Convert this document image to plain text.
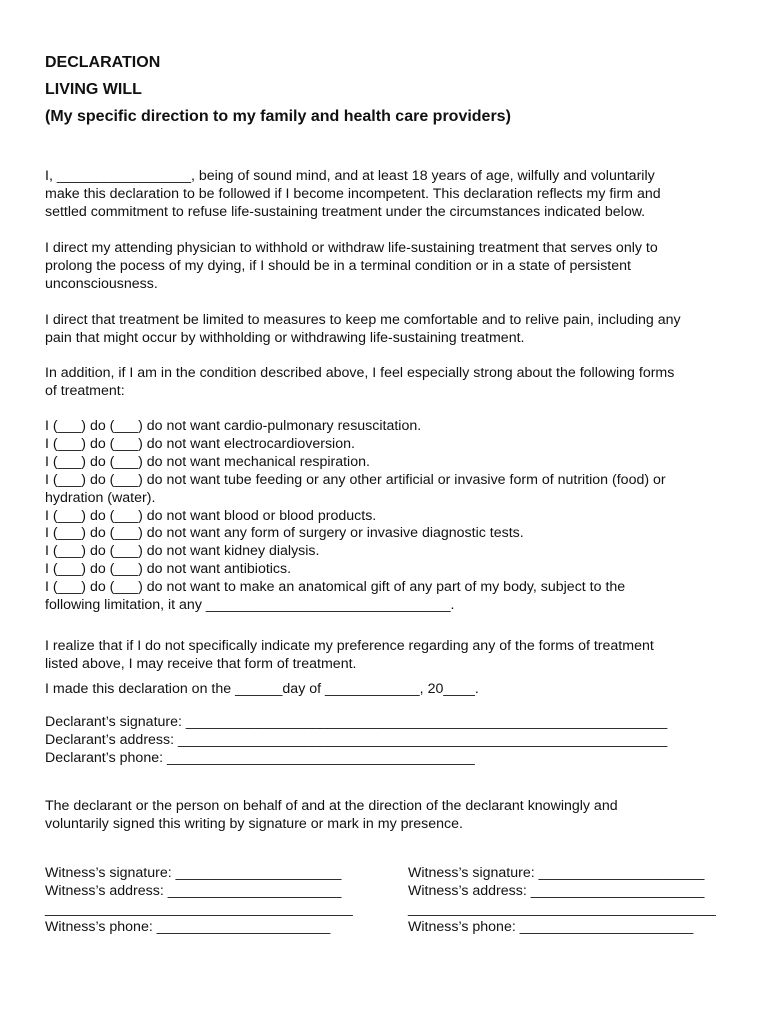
DECLARATION
LIVING WILL
(My specific direction to my family and health care providers)

I, _________________, being of sound mind, and at least 18 years of age, wilfully and voluntarily

make this declaration to be followed if I become incompetent. This declaration reflects my firm and

settled commitment to refuse life-sustaining treatment under the circumstances indicated below.

I direct my attending physician to withhold or withdraw life-sustaining treatment that serves only to

prolong the pocess of my dying, if I should be in a terminal condition or in a state of persistent

unconsciousness.

I direct that treatment be limited to measures to keep me comfortable and to relive pain, including any

pain that might occur by withholding or withdrawing life-sustaining treatment.

In addition, if I am in the condition described above, I feel especially strong about the following forms

of treatment:

I (___) do (___) do not want cardio-pulmonary resuscitation.

I (___) do (___) do not want electrocardioversion.

I (___) do (___) do not want mechanical respiration.

I (___) do (___) do not want tube feeding or any other artificial or invasive form of nutrition (food) or

hydration (water).

I (___) do (___) do not want blood or blood products.

I (___) do (___) do not want any form of surgery or invasive diagnostic tests.

I (___) do (___) do not want kidney dialysis.

I (___) do (___) do not want antibiotics.

I (___) do (___) do not want to make an anatomical gift of any part of my body, subject to the

following limitation, it any _______________________________.

I realize that if I do not specifically indicate my preference regarding any of the forms of treatment

listed above, I may receive that form of treatment.

I made this declaration on the ______day of ____________, 20____.

Declarant’s signature: _____________________________________________________________

Declarant’s address: ______________________________________________________________

Declarant’s phone: _______________________________________

The declarant or the person on behalf of and at the direction of the declarant knowingly and

voluntarily signed this writing by signature or mark in my presence.

Witness’s signature: _____________________

Witness’s address: ______________________

_______________________________________

Witness’s phone: ______________________

Witness’s signature: _____________________

Witness’s address: ______________________

_______________________________________

Witness’s phone: ______________________
